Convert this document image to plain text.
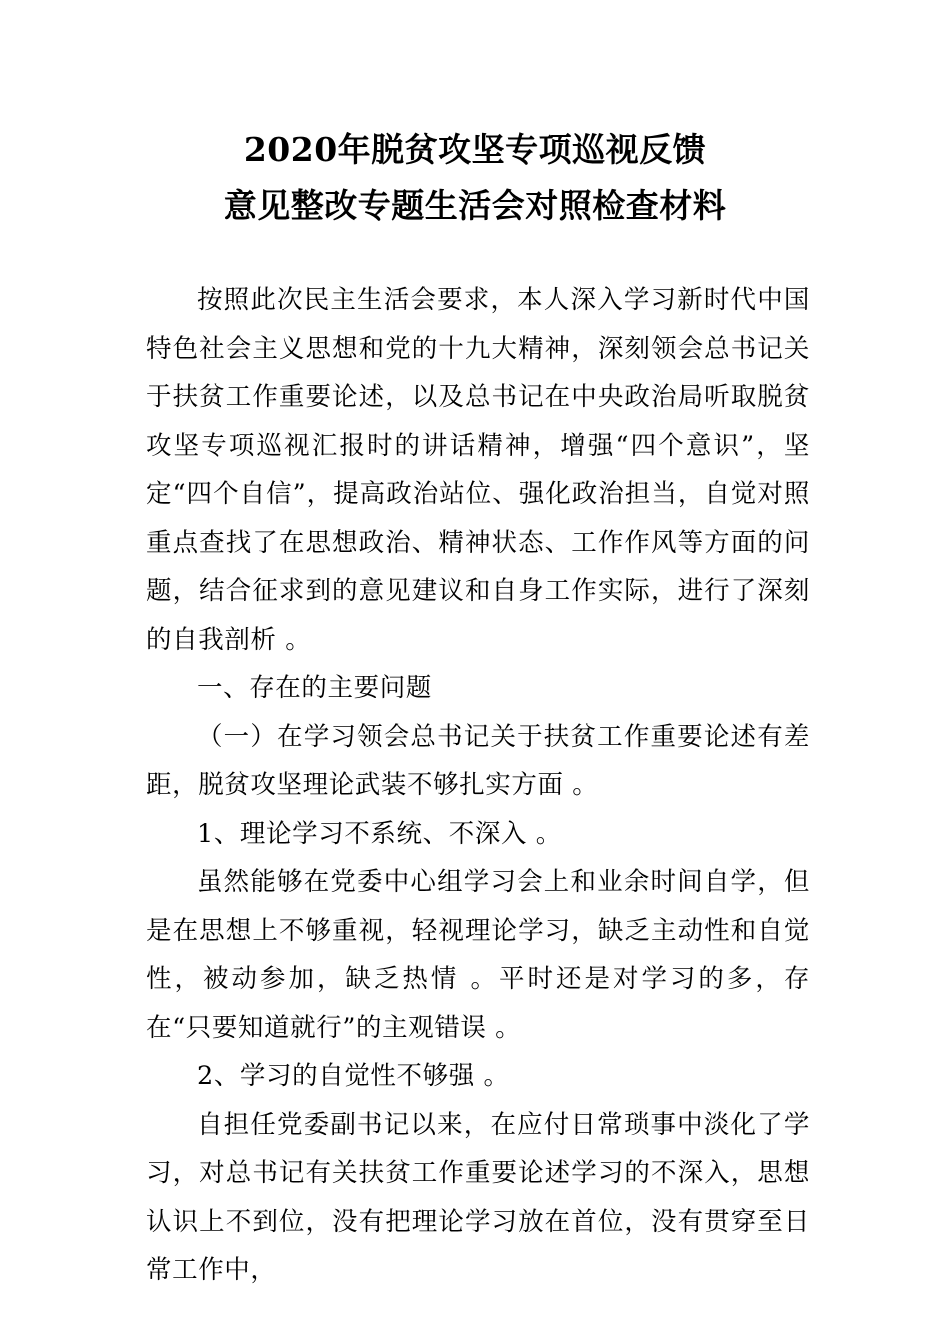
2020年脱贫攻坚专项巡视反馈
意见整改专题生活会对照检查材料

按照此次民主生活会要求，本人深入学习新时代中国特色社会主义思想和党的十九大精神，深刻领会总书记关于扶贫工作重要论述，以及总书记在中央政治局听取脱贫攻坚专项巡视汇报时的讲话精神，增强“四个意识”，坚定“四个自信”，提高政治站位、强化政治担当，自觉对照重点查找了在思想政治、精神状态、工作作风等方面的问题，结合征求到的意见建议和自身工作实际，进行了深刻的自我剖析 。

一、存在的主要问题

（一）在学习领会总书记关于扶贫工作重要论述有差距，脱贫攻坚理论武装不够扎实方面 。

1、理论学习不系统、不深入 。

虽然能够在党委中心组学习会上和业余时间自学，但是在思想上不够重视，轻视理论学习，缺乏主动性和自觉性，被动参加，缺乏热情 。平时还是对学习的多，存在“只要知道就行”的主观错误 。

2、学习的自觉性不够强 。

自担任党委副书记以来，在应付日常琐事中淡化了学习，对总书记有关扶贫工作重要论述学习的不深入，思想认识上不到位，没有把理论学习放在首位，没有贯穿至日常工作中，
